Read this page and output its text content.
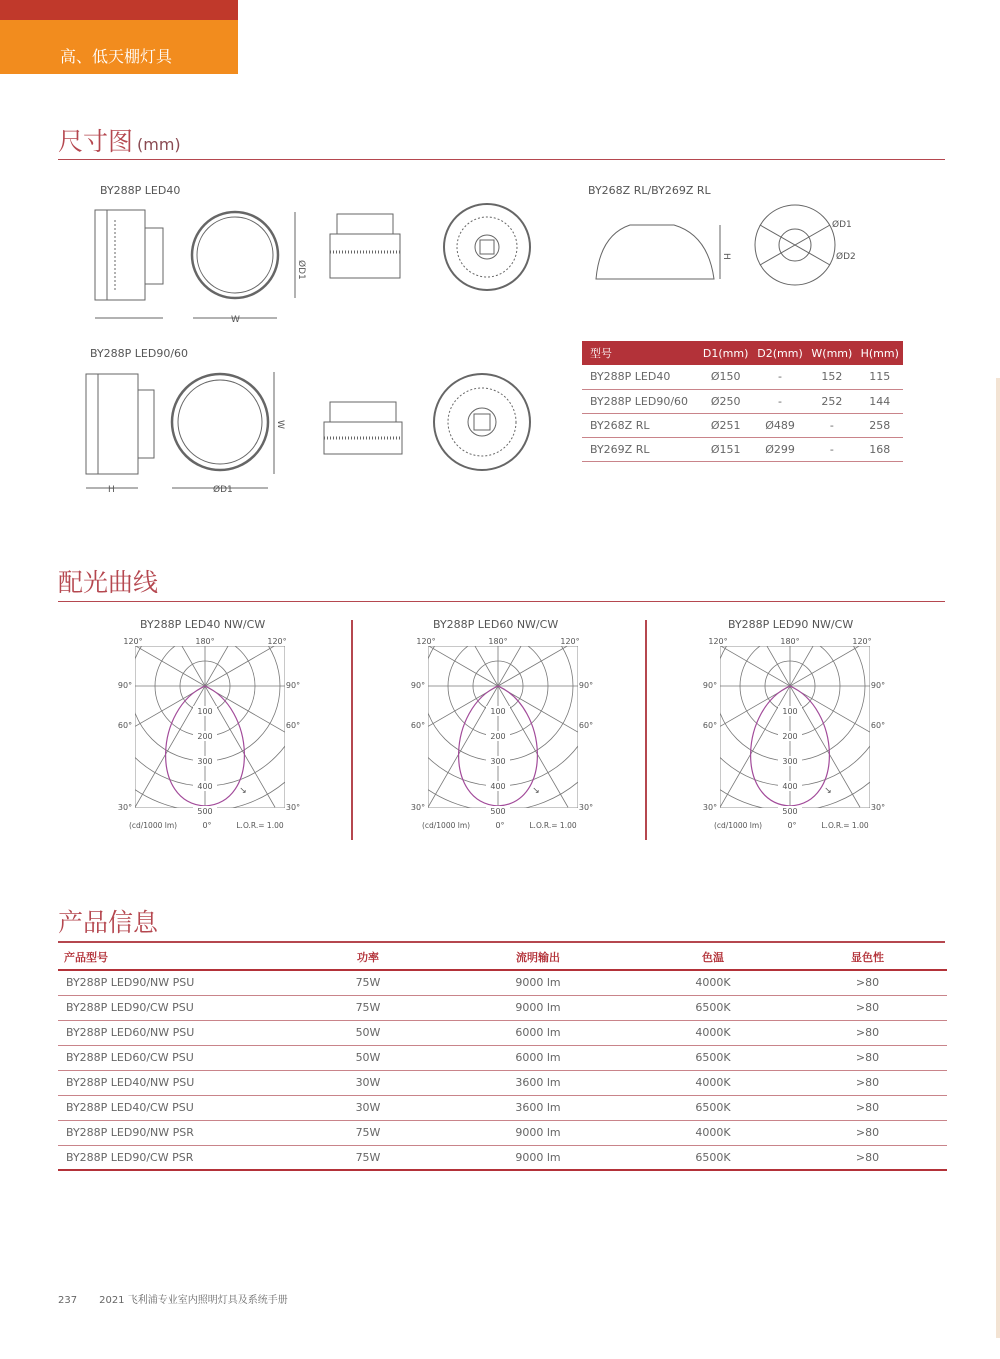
高、低天棚灯具
尺寸图 (mm)
BY288P LED40	BY268Z RL/BY269Z RL
BY288P LED90/60
W
ØD1
H
ØD1
ØD2
H	ØD1
W
型号	D1(mm)	D2(mm)	W(mm)	H(mm)
BY288P LED40	Ø150	-	152	115
BY288P LED90/60	Ø250	-	252	144
BY268Z RL	Ø251	Ø489	-	258
BY269Z RL	Ø151	Ø299	-	168
配光曲线
BY288P LED40 NW/CW
120°	180°	120°
90°	90°
60°	60°
30°	30°
100
200
300
400
500
↘
(cd/1000 lm)	0°	L.O.R.= 1.00
BY288P LED60 NW/CW
120°	180°	120°
90°	90°
60°	60°
30°	30°
100
200
300
400
500
↘
(cd/1000 lm)	0°	L.O.R.= 1.00
BY288P LED90 NW/CW
120°	180°	120°
90°	90°
60°	60°
30°	30°
100
200
300
400
500
↘
(cd/1000 lm)	0°	L.O.R.= 1.00
产品信息
产品型号	功率	流明输出	色温	显色性
BY288P LED90/NW PSU	75W	9000 lm	4000K	>80
BY288P LED90/CW PSU	75W	9000 lm	6500K	>80
BY288P LED60/NW PSU	50W	6000 lm	4000K	>80
BY288P LED60/CW PSU	50W	6000 lm	6500K	>80
BY288P LED40/NW PSU	30W	3600 lm	4000K	>80
BY288P LED40/CW PSU	30W	3600 lm	6500K	>80
BY288P LED90/NW PSR	75W	9000 lm	4000K	>80
BY288P LED90/CW PSR	75W	9000 lm	6500K	>80
237 2021 飞利浦专业室内照明灯具及系统手册
